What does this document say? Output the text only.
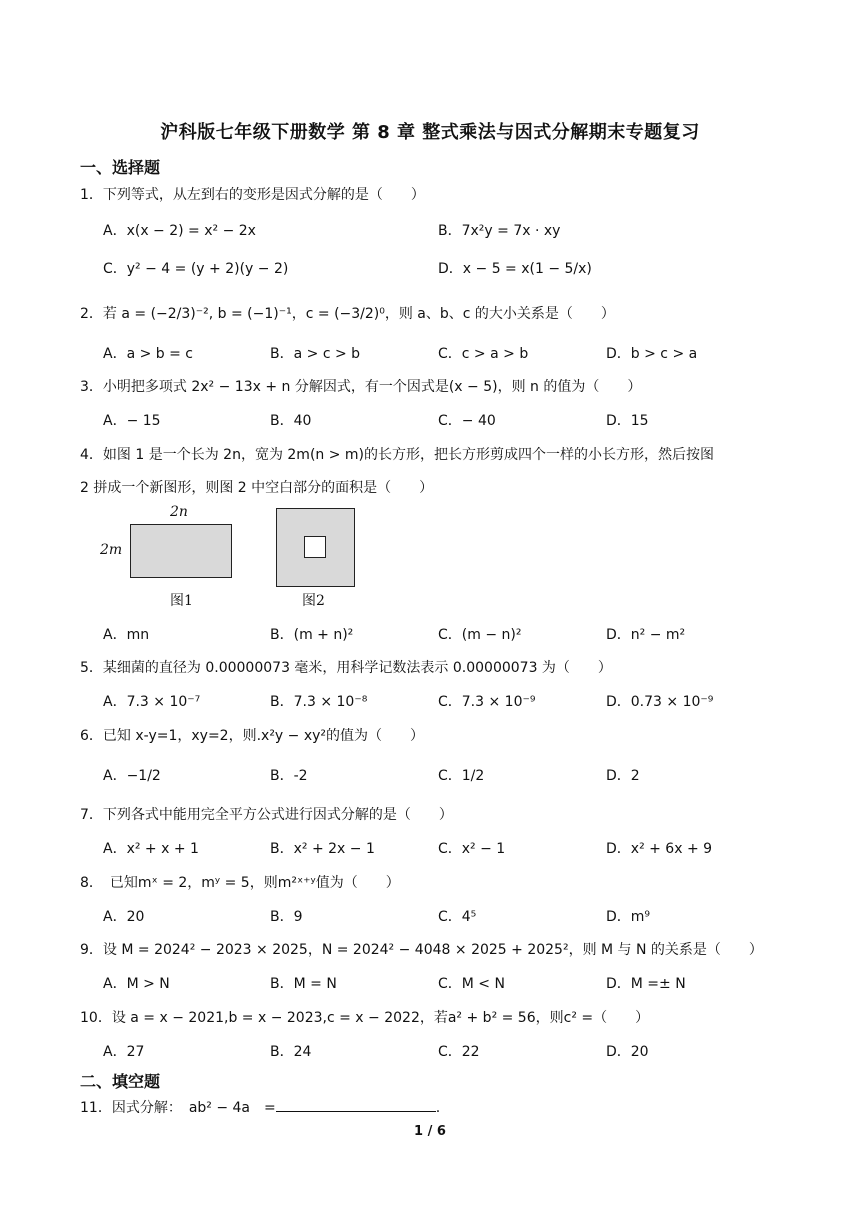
沪科版七年级下册数学 第 8 章 整式乘法与因式分解期末专题复习
一、选择题
1．下列等式，从左到右的变形是因式分解的是（　　）
A．x(x − 2) = x² − 2x	B．7x²y = 7x · xy
C．y² − 4 = (y + 2)(y − 2)	D．x − 5 = x(1 − 5/x)
2．若 a = (−2/3)⁻², b = (−1)⁻¹，c = (−3/2)⁰，则 a、b、c 的大小关系是（　　）
A．a > b = c	B．a > c > b	C．c > a > b	D．b > c > a
3．小明把多项式 2x² − 13x + n 分解因式，有一个因式是(x − 5)，则 n 的值为（　　）
A．− 15	B．40	C．− 40	D．15
4．如图 1 是一个长为 2n，宽为 2m(n > m)的长方形，把长方形剪成四个一样的小长方形，然后按图
2 拼成一个新图形，则图 2 中空白部分的面积是（　　）
2n
2m
图1	图2
A．mn	B．(m + n)²	C．(m − n)²	D．n² − m²
5．某细菌的直径为 0.00000073 毫米，用科学记数法表示 0.00000073 为（　　）
A．7.3 × 10⁻⁷	B．7.3 × 10⁻⁸	C．7.3 × 10⁻⁹	D．0.73 × 10⁻⁹
6．已知 x-y=1，xy=2，则.x²y − xy²的值为（　　）
A．−1/2	B．-2	C．1/2	D．2
7．下列各式中能用完全平方公式进行因式分解的是（　　）
A．x² + x + 1	B．x² + 2x − 1	C．x² − 1	D．x² + 6x + 9
8．　已知mˣ = 2，mʸ = 5，则m²ˣ⁺ʸ值为（　　）
A．20	B．9	C．4⁵	D．m⁹
9．设 M = 2024² − 2023 × 2025，N = 2024² − 4048 × 2025 + 2025²，则 M 与 N 的关系是（　　）
A．M > N	B．M = N	C．M < N	D．M =± N
10．设 a = x − 2021,b = x − 2023,c = x − 2022，若a² + b² = 56，则c² =（　　）
A．27	B．24	C．22	D．20
二、填空题
11．因式分解：　ab² − 4a　=	.
1 / 6
